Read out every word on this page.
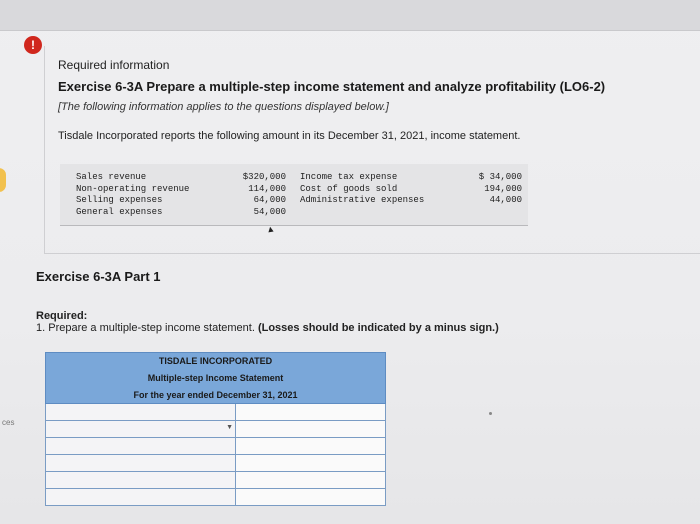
!
ces
Required information
Exercise 6-3A Prepare a multiple-step income statement and analyze profitability (LO6-2)
[The following information applies to the questions displayed below.]
Tisdale Incorporated reports the following amount in its December 31, 2021, income statement.
Sales revenue
Non-operating revenue
Selling expenses
General expenses
$320,000
114,000
64,000
54,000
Income tax expense
Cost of goods sold
Administrative expenses
$ 34,000
194,000
44,000
▲
Exercise 6-3A Part 1
Required:
1. Prepare a multiple-step income statement. (Losses should be indicated by a minus sign.)
TISDALE INCORPORATED
Multiple-step Income Statement
For the year ended December 31, 2021
▼
